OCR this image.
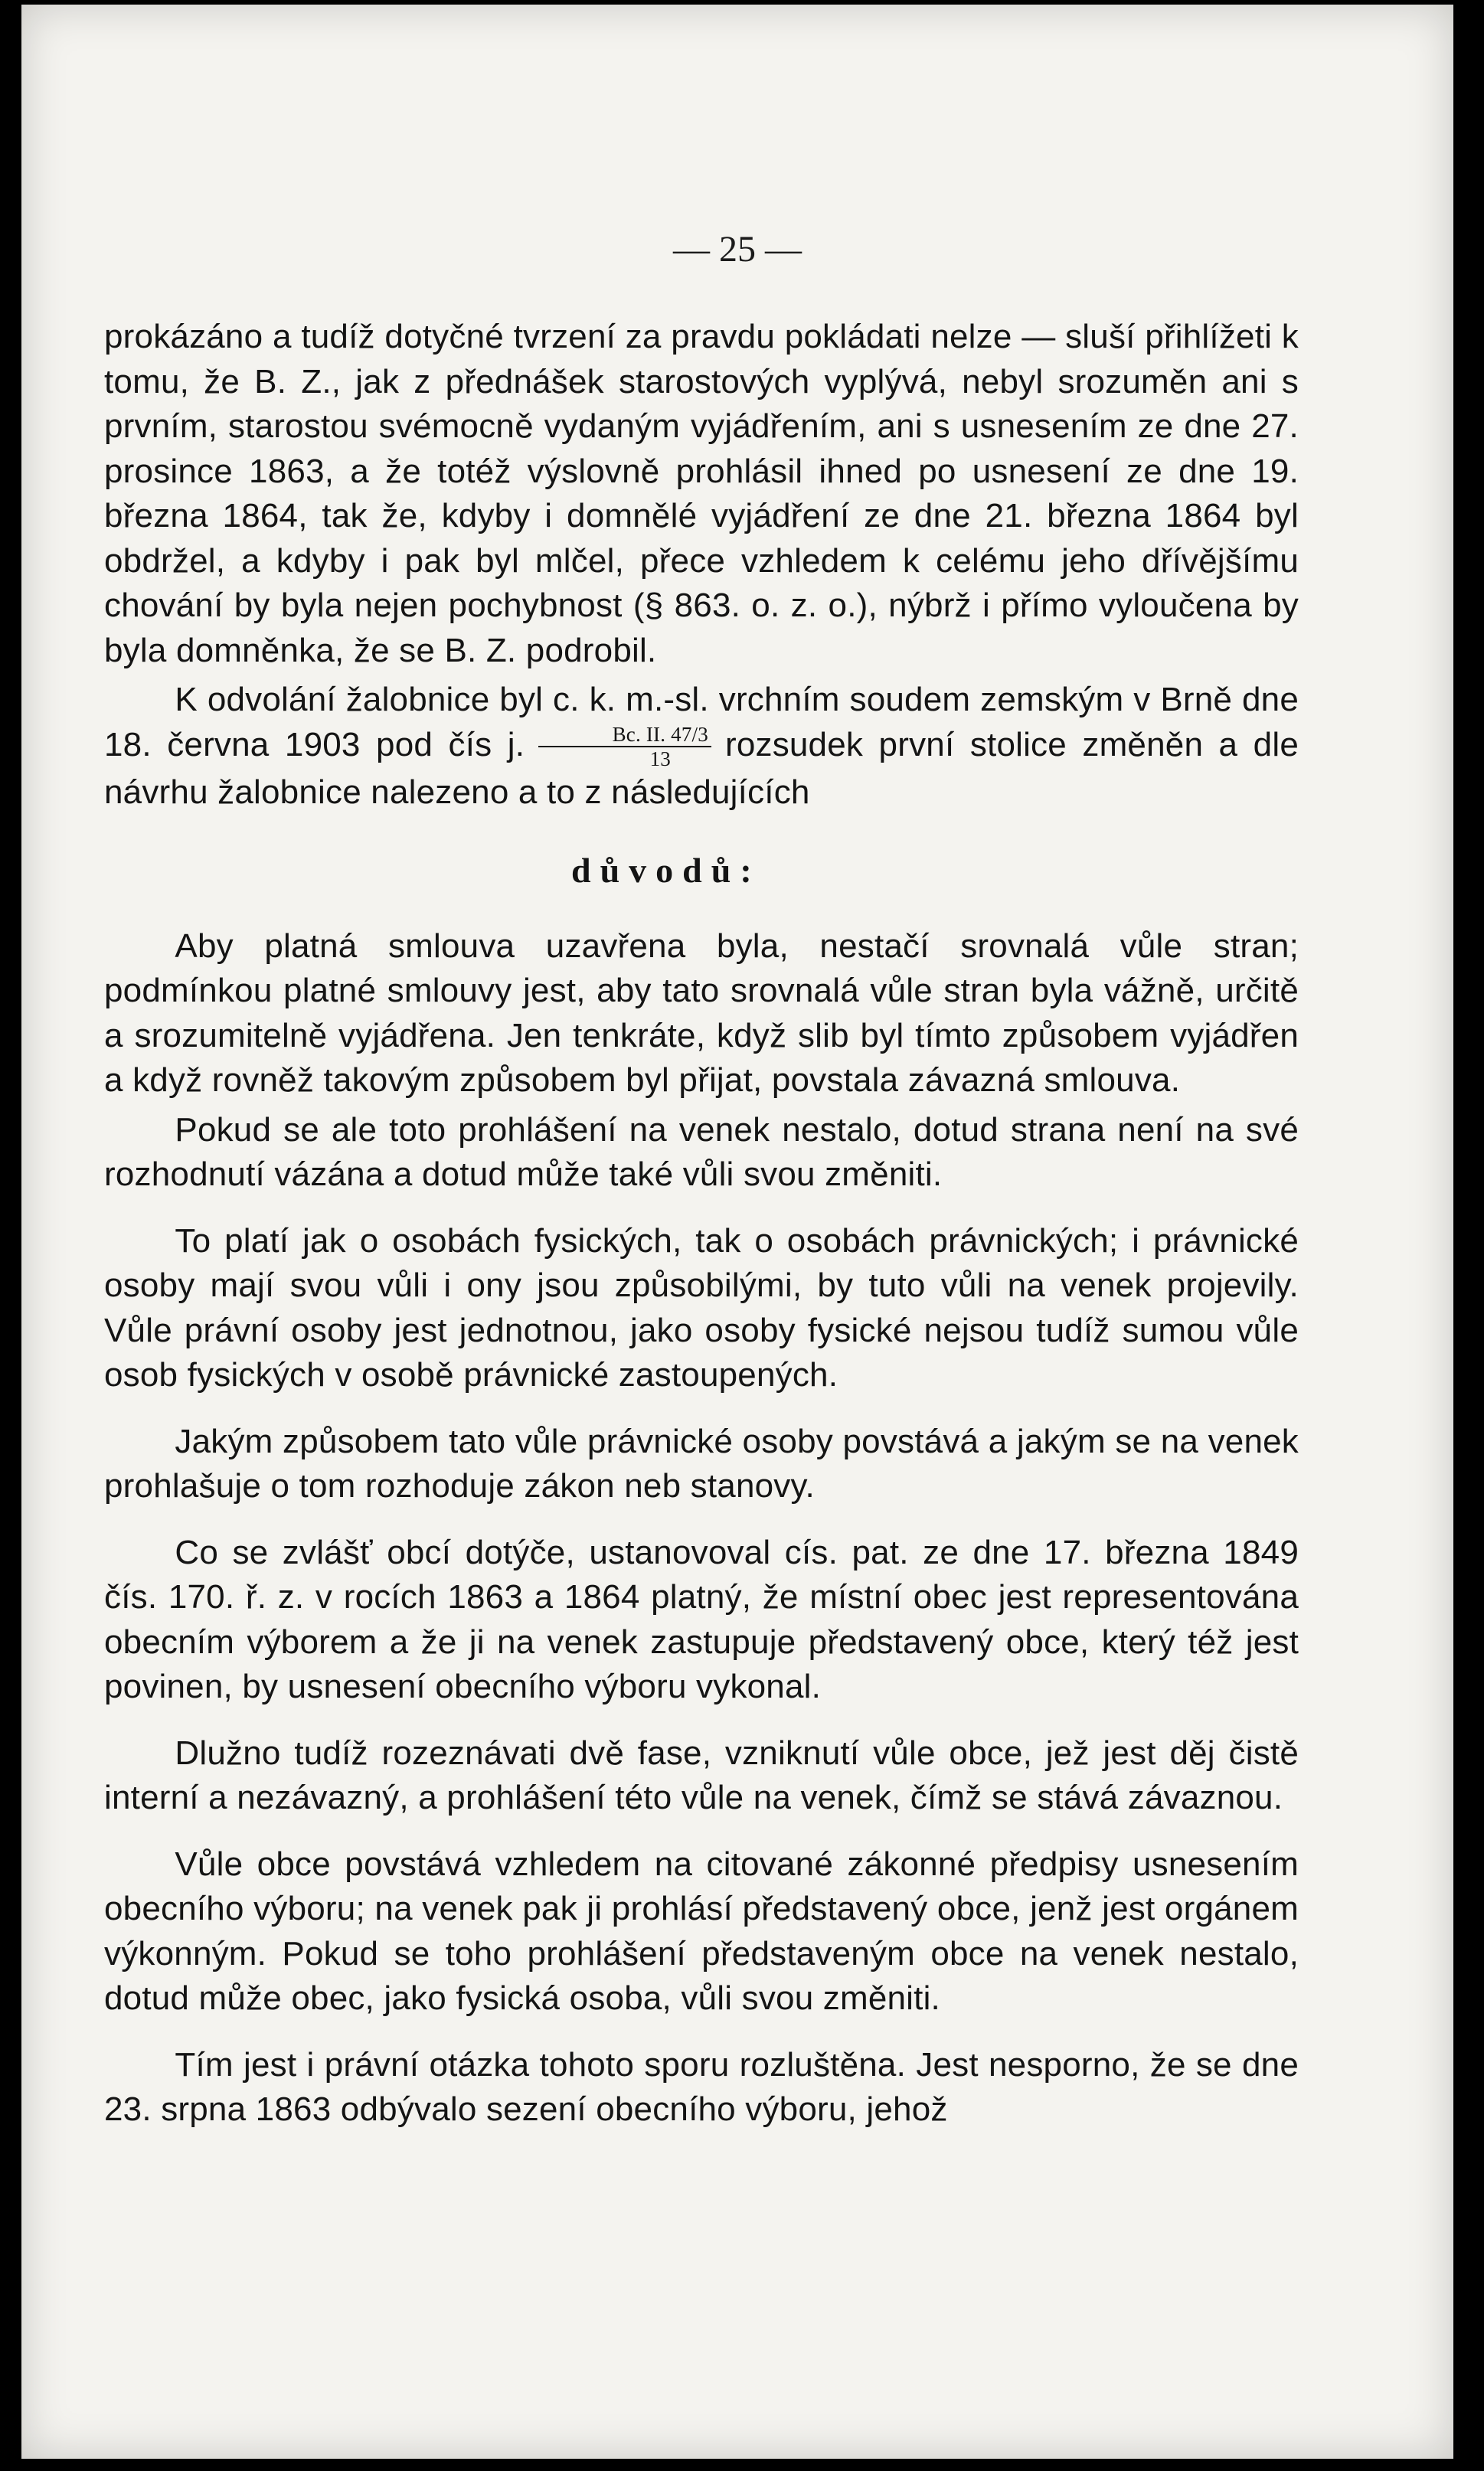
— 25 —

prokázáno a tudíž dotyčné tvrzení za pravdu pokládati nelze — sluší přihlížeti k tomu, že B. Z., jak z přednášek starostových vyplývá, nebyl srozuměn ani s prvním, starostou svémocně vydaným vyjádřením, ani s usnesením ze dne 27. prosince 1863, a že totéž výslovně prohlásil ihned po usnesení ze dne 19. března 1864, tak že, kdyby i domnělé vyjádření ze dne 21. března 1864 byl obdržel, a kdyby i pak byl mlčel, přece vzhledem k celému jeho dřívějšímu chování by byla nejen pochybnost (§ 863. o. z. o.), nýbrž i přímo vyloučena by byla domněnka, že se B. Z. podrobil.

K odvolání žalobnice byl c. k. m.-sl. vrchním soudem zemským v Brně dne 18. června 1903 pod čís j. $\frac{Bc. II. 47/3}{13}$ rozsudek první stolice změněn a dle návrhu žalobnice nalezeno a to z následujících

důvodů:

Aby platná smlouva uzavřena byla, nestačí srovnalá vůle stran; podmínkou platné smlouvy jest, aby tato srovnalá vůle stran byla vážně, určitě a srozumitelně vyjádřena. Jen tenkráte, když slib byl tímto způsobem vyjádřen a když rovněž takovým způsobem byl přijat, povstala závazná smlouva.

Pokud se ale toto prohlášení na venek nestalo, dotud strana není na své rozhodnutí vázána a dotud může také vůli svou změniti.

To platí jak o osobách fysických, tak o osobách právnických; i právnické osoby mají svou vůli i ony jsou způsobilými, by tuto vůli na venek projevily. Vůle právní osoby jest jednotnou, jako osoby fysické nejsou tudíž sumou vůle osob fysických v osobě právnické zastoupených.

Jakým způsobem tato vůle právnické osoby povstává a jakým se na venek prohlašuje o tom rozhoduje zákon neb stanovy.

Co se zvlášť obcí dotýče, ustanovoval cís. pat. ze dne 17. března 1849 čís. 170. ř. z. v rocích 1863 a 1864 platný, že místní obec jest representována obecním výborem a že ji na venek zastupuje představený obce, který též jest povinen, by usnesení obecního výboru vykonal.

Dlužno tudíž rozeznávati dvě fase, vzniknutí vůle obce, jež jest děj čistě interní a nezávazný, a prohlášení této vůle na venek, čímž se stává závaznou.

Vůle obce povstává vzhledem na citované zákonné předpisy usnesením obecního výboru; na venek pak ji prohlásí představený obce, jenž jest orgánem výkonným. Pokud se toho prohlášení představeným obce na venek nestalo, dotud může obec, jako fysická osoba, vůli svou změniti.

Tím jest i právní otázka tohoto sporu rozluštěna. Jest nesporno, že se dne 23. srpna 1863 odbývalo sezení obecního výboru, jehož
